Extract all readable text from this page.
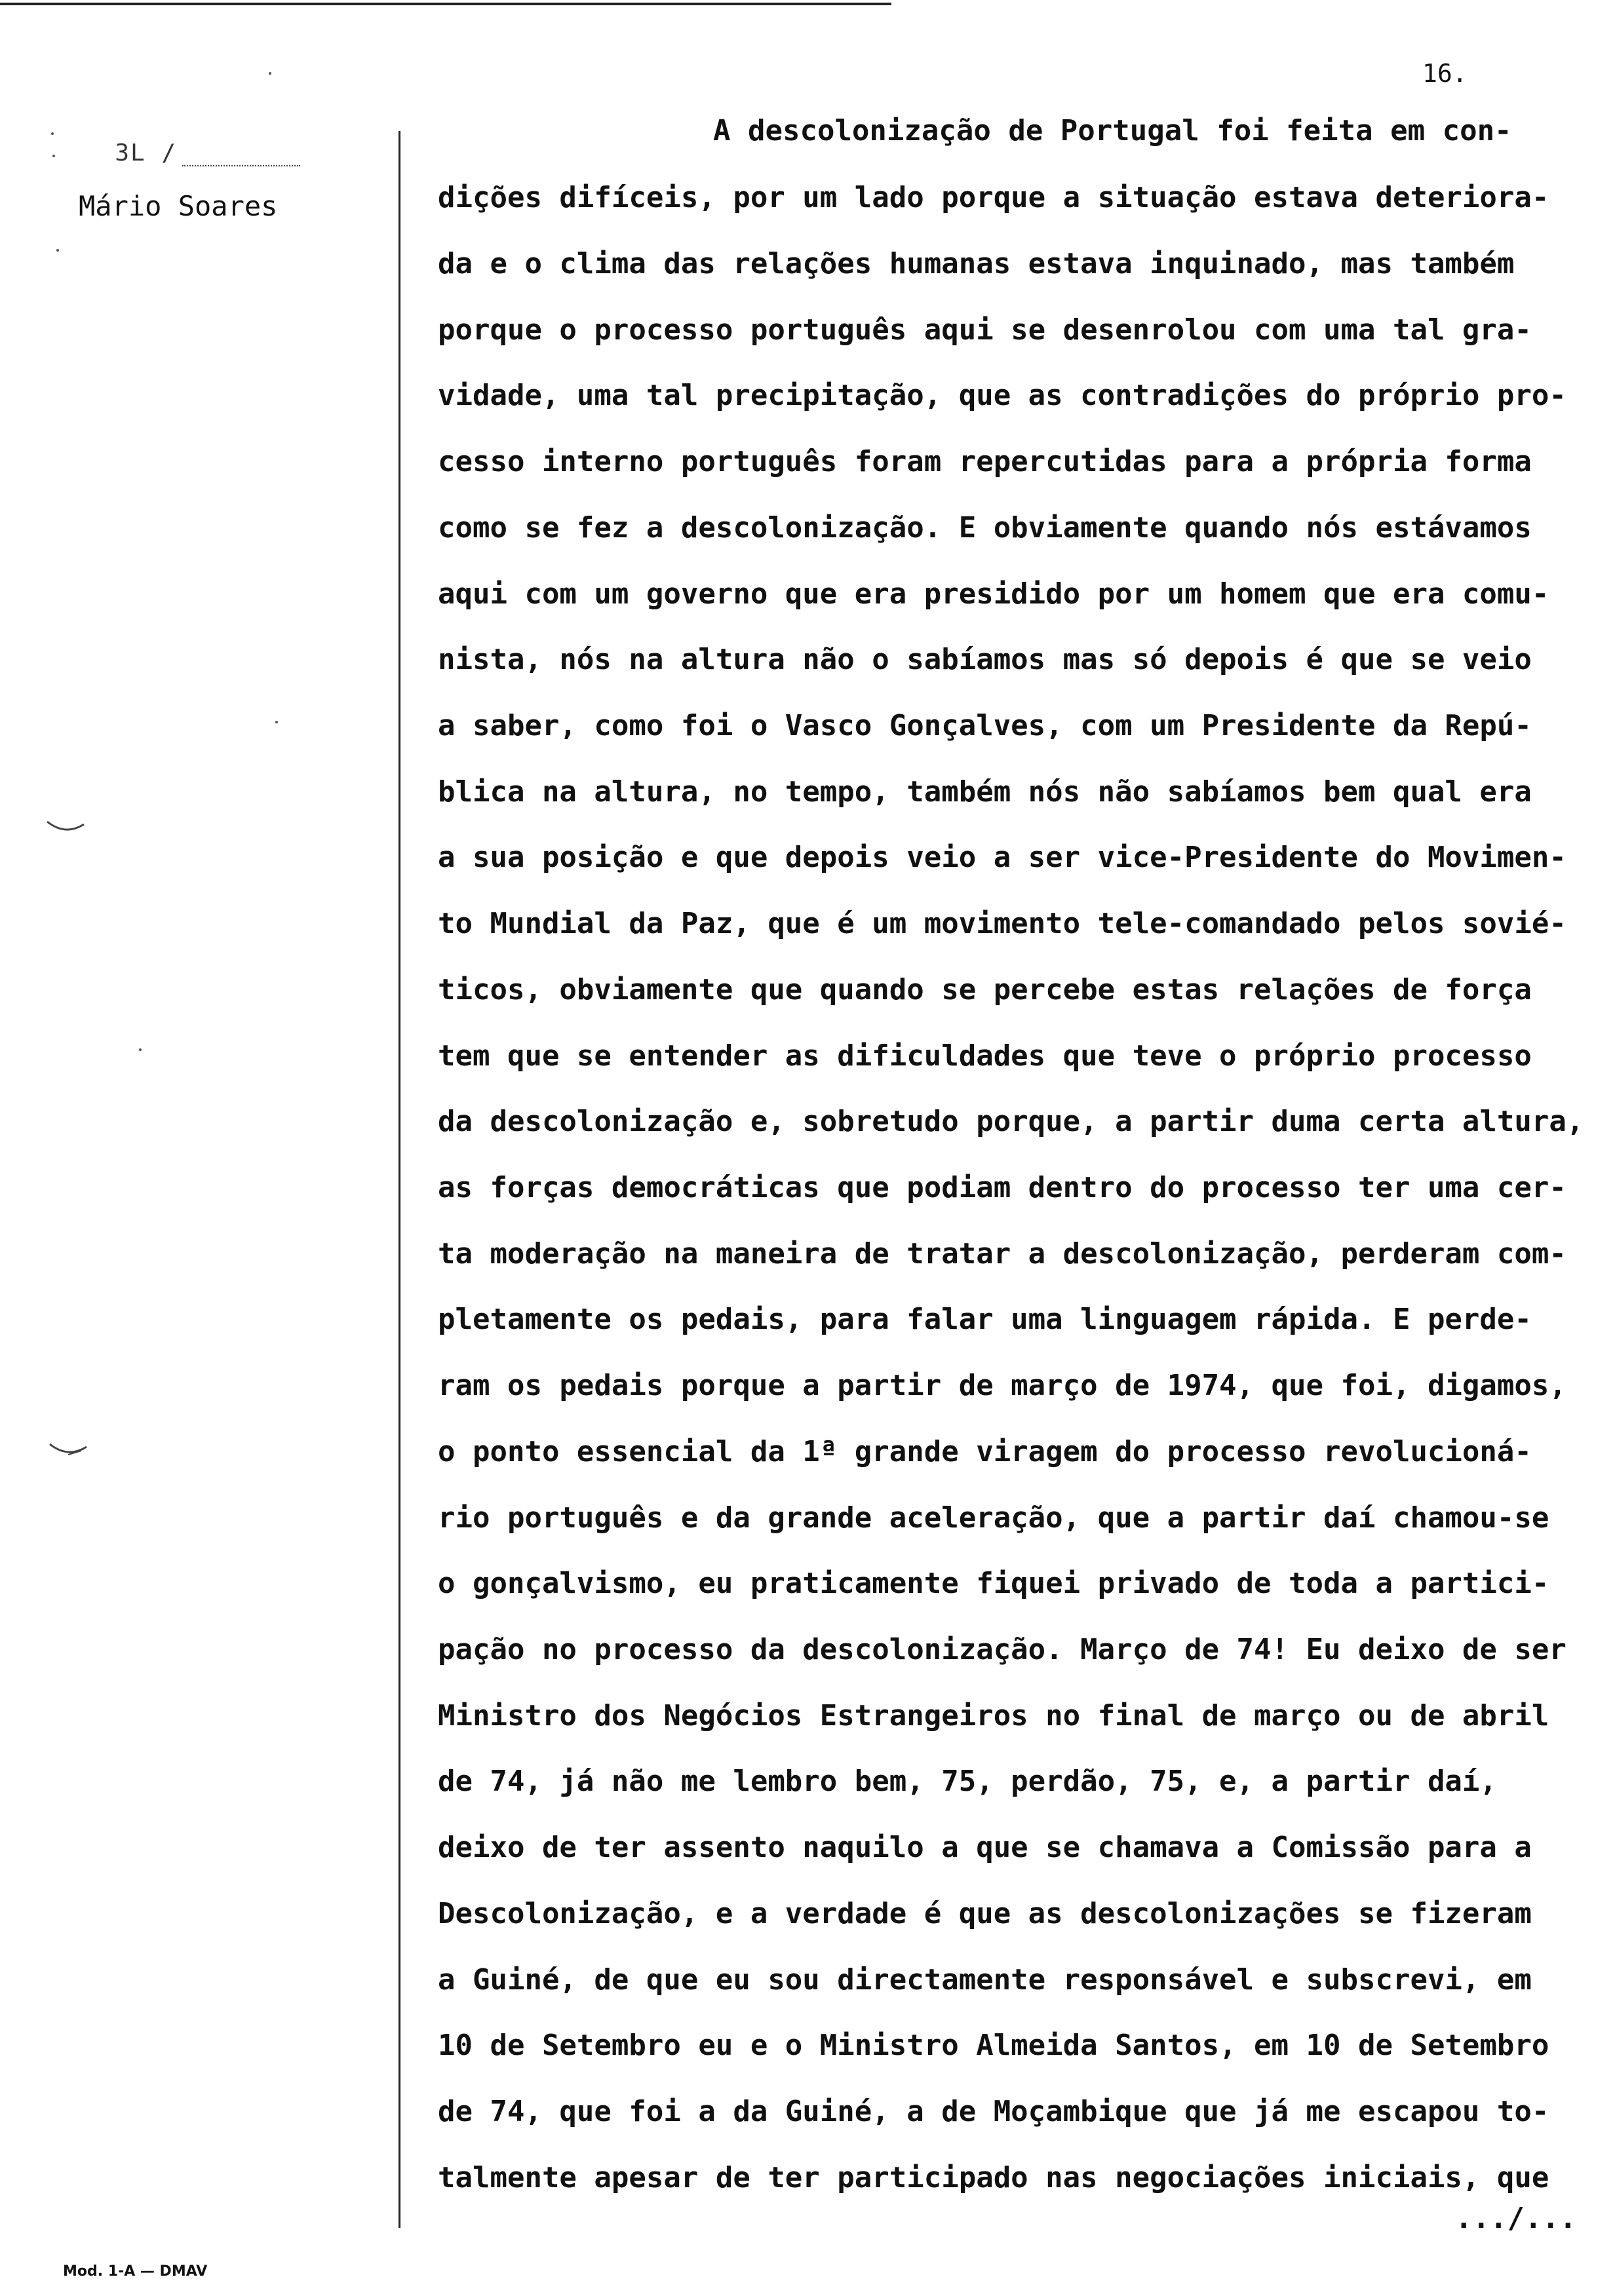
16.

3L /

Mário Soares
A descolonização de Portugal foi feita em con-
dições difíceis, por um lado porque a situação estava deteriora-
da e o clima das relações humanas estava inquinado, mas também
porque o processo português aqui se desenrolou com uma tal gra-
vidade, uma tal precipitação, que as contradições do próprio pro-
cesso interno português foram repercutidas para a própria forma
como se fez a descolonização. E obviamente quando nós estávamos
aqui com um governo que era presidido por um homem que era comu-
nista, nós na altura não o sabíamos mas só depois é que se veio
a saber, como foi o Vasco Gonçalves, com um Presidente da Repú-
blica na altura, no tempo, também nós não sabíamos bem qual era
a sua posição e que depois veio a ser vice-Presidente do Movimen-
to Mundial da Paz, que é um movimento tele-comandado pelos sovié-
ticos, obviamente que quando se percebe estas relações de força
tem que se entender as dificuldades que teve o próprio processo
da descolonização e, sobretudo porque, a partir duma certa altura,
as forças democráticas que podiam dentro do processo ter uma cer-
ta moderação na maneira de tratar a descolonização, perderam com-
pletamente os pedais, para falar uma linguagem rápida. E perde-
ram os pedais porque a partir de março de 1974, que foi, digamos,
o ponto essencial da 1ª grande viragem do processo revolucioná-
rio português e da grande aceleração, que a partir daí chamou-se
o gonçalvismo, eu praticamente fiquei privado de toda a partici-
pação no processo da descolonização. Março de 74! Eu deixo de ser
Ministro dos Negócios Estrangeiros no final de março ou de abril
de 74, já não me lembro bem, 75, perdão, 75, e, a partir daí,
deixo de ter assento naquilo a que se chamava a Comissão para a
Descolonização, e a verdade é que as descolonizações se fizeram
a Guiné, de que eu sou directamente responsável e subscrevi, em
10 de Setembro eu e o Ministro Almeida Santos, em 10 de Setembro
de 74, que foi a da Guiné, a de Moçambique que já me escapou to-
talmente apesar de ter participado nas negociações iniciais, que
.../...
Mod. 1-A — DMAV
